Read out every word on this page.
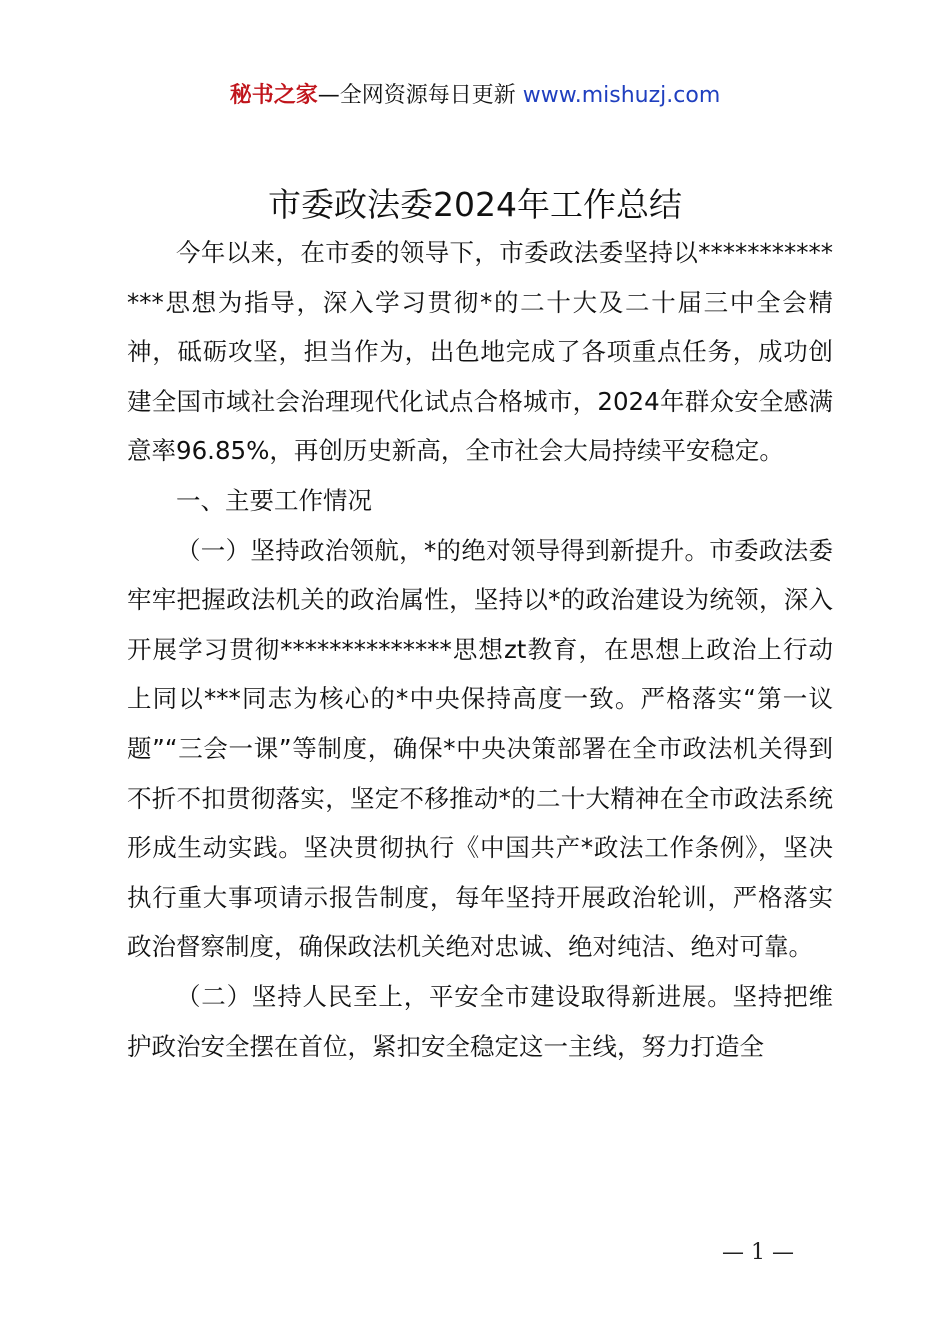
秘书之家—全网资源每日更新 www.mishuzj.com
市委政法委2024年工作总结

今年以来，在市委的领导下，市委政法委坚持以**************思想为指导，深入学习贯彻*的二十大及二十届三中全会精神，砥砺攻坚，担当作为，出色地完成了各项重点任务，成功创建全国市域社会治理现代化试点合格城市，2024年群众安全感满意率96.85%，再创历史新高，全市社会大局持续平安稳定。

一、主要工作情况

（一）坚持政治领航，*的绝对领导得到新提升。市委政法委牢牢把握政法机关的政治属性，坚持以*的政治建设为统领，深入开展学习贯彻**************思想zt教育，在思想上政治上行动上同以***同志为核心的*中央保持高度一致。严格落实“第一议题”“三会一课”等制度，确保*中央决策部署在全市政法机关得到不折不扣贯彻落实，坚定不移推动*的二十大精神在全市政法系统形成生动实践。坚决贯彻执行《中国共产*政法工作条例》，坚决执行重大事项请示报告制度，每年坚持开展政治轮训，严格落实政治督察制度，确保政法机关绝对忠诚、绝对纯洁、绝对可靠。

（二）坚持人民至上，平安全市建设取得新进展。坚持把维护政治安全摆在首位，紧扣安全稳定这一主线，努力打造全

— 1 —
